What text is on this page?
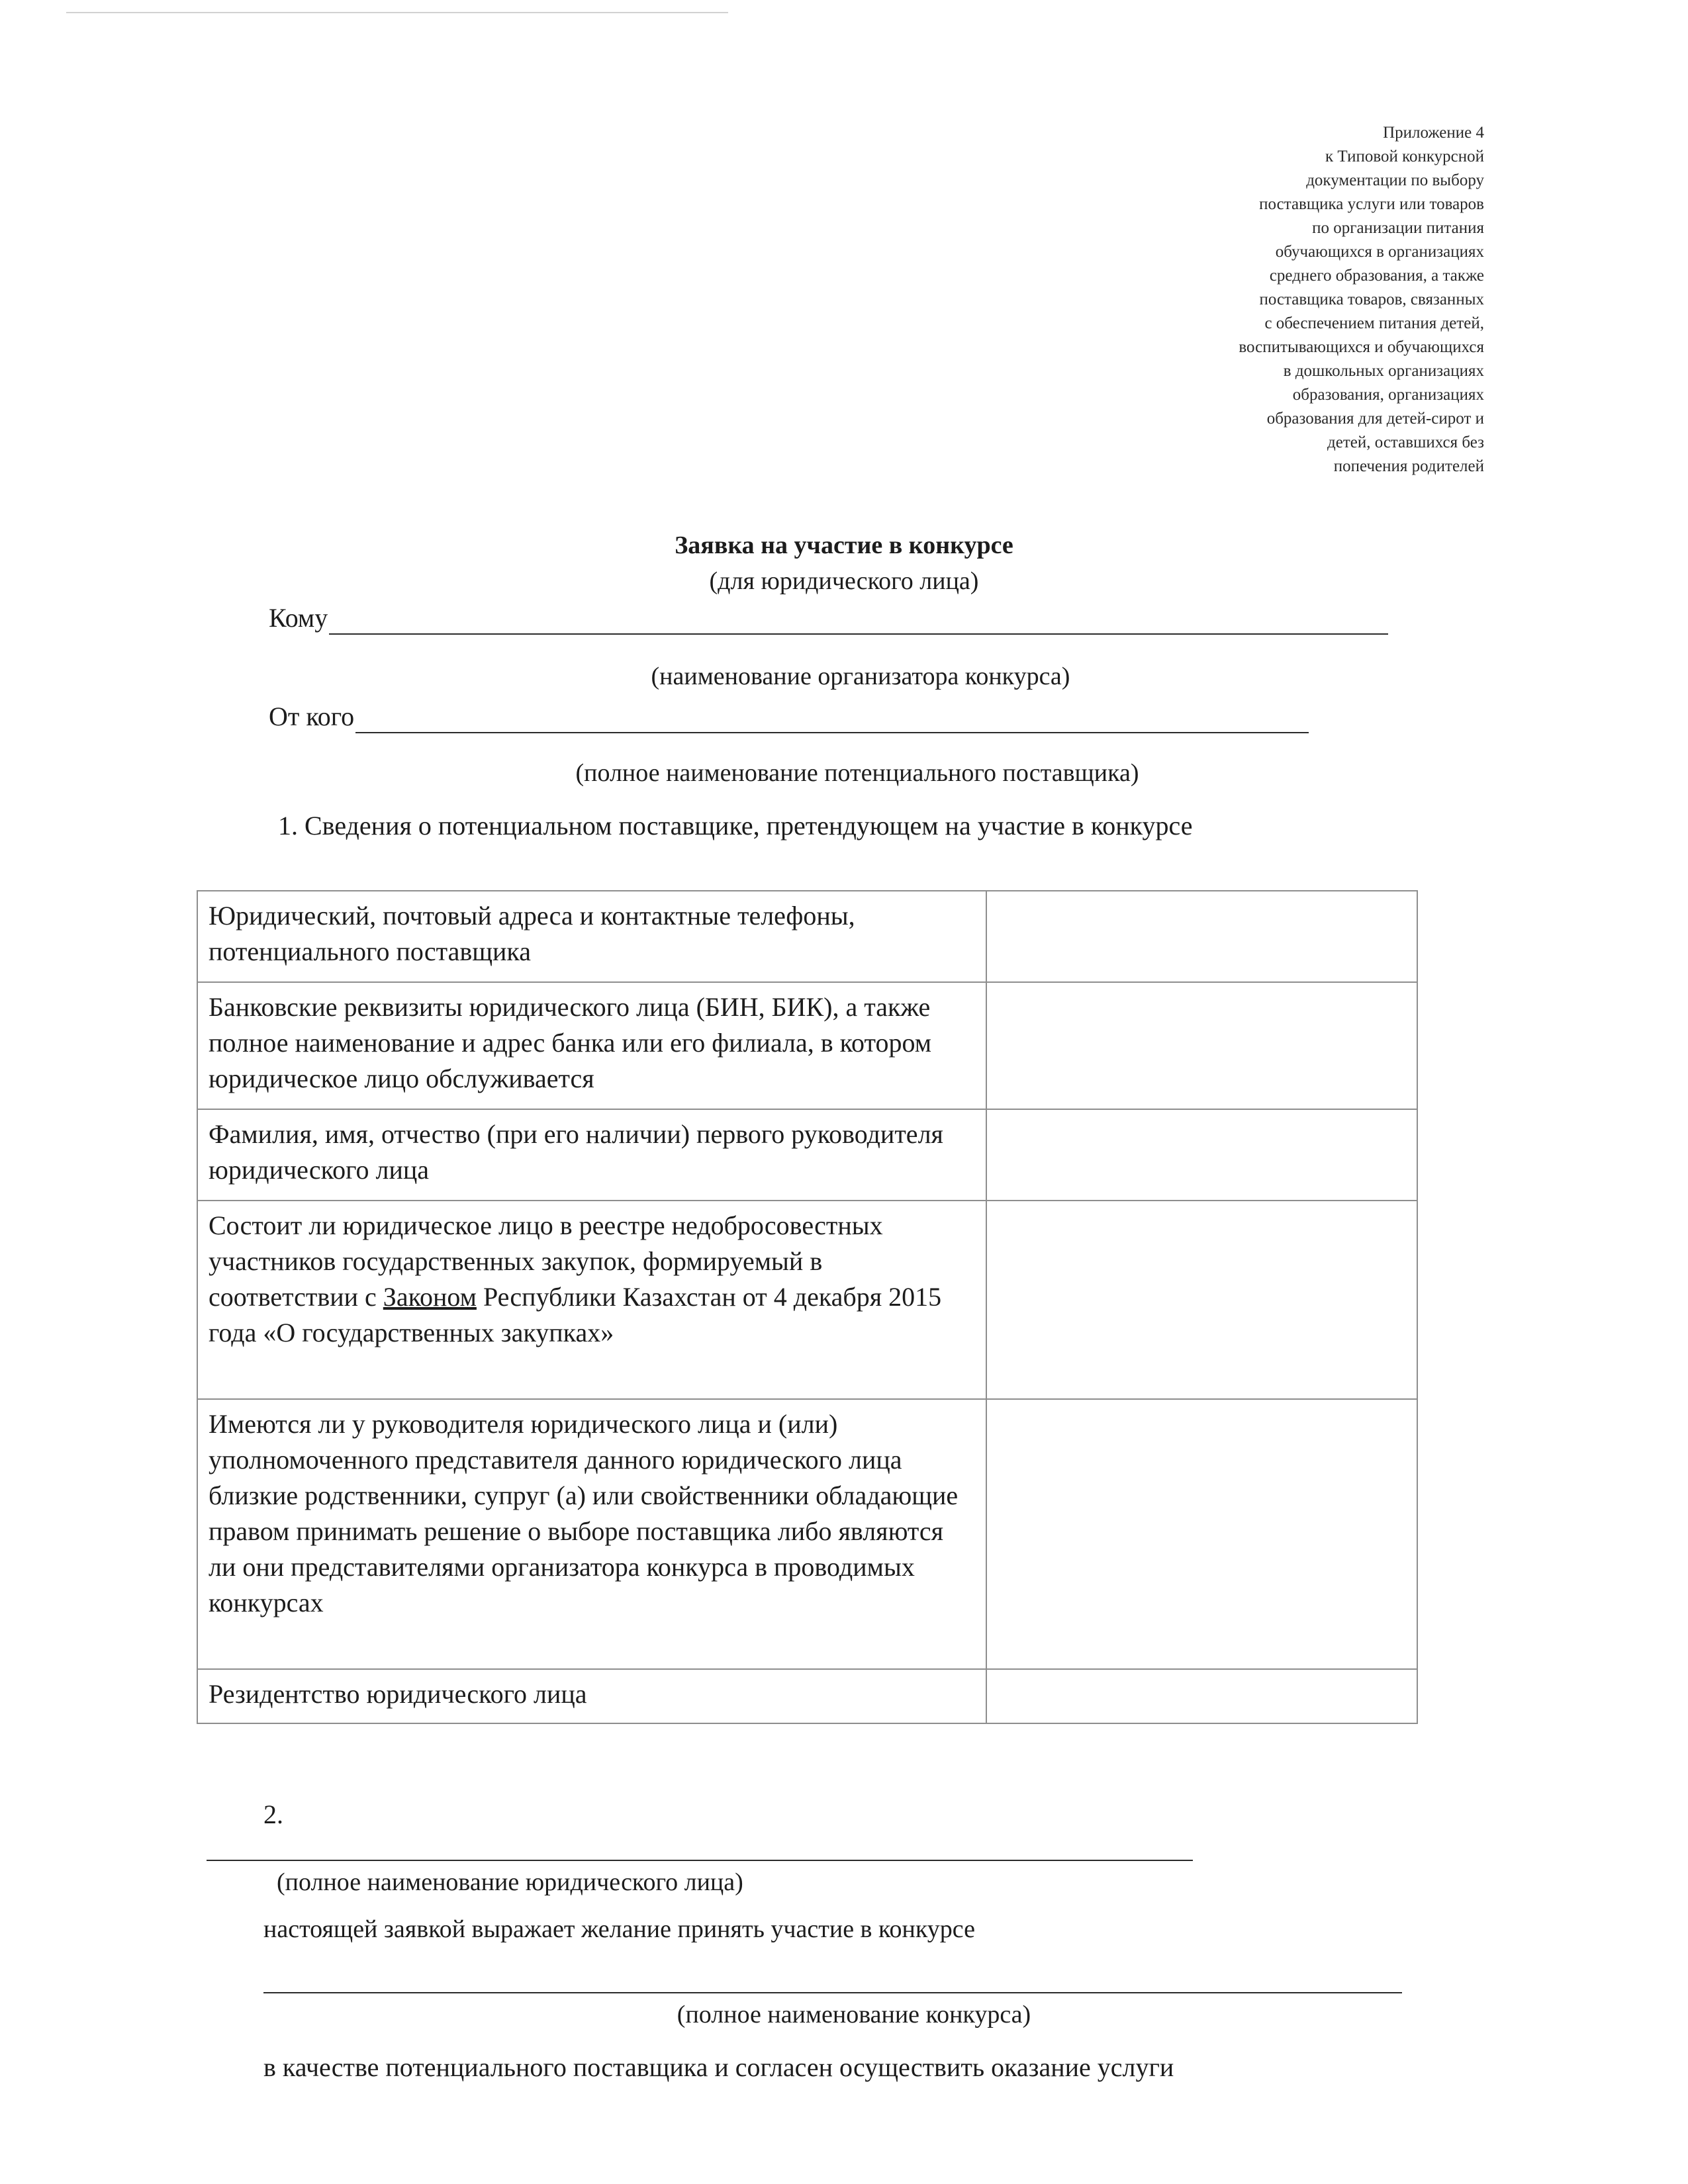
Приложение 4
к Типовой конкурсной
документации по выбору
поставщика услуги или товаров
по организации питания
обучающихся в организациях
среднего образования, а также
поставщика товаров, связанных
с обеспечением питания детей,
воспитывающихся и обучающихся
в дошкольных организациях
образования, организациях
образования для детей-сирот и
детей, оставшихся без
попечения родителей
Заявка на участие в конкурсе
(для юридического лица)
Кому
(наименование организатора конкурса)
От кого
(полное наименование потенциального поставщика)
1. Сведения о потенциальном поставщике, претендующем на участие в конкурсе
Юридический, почтовый адреса и контактные телефоны, потенциального поставщика	
Банковские реквизиты юридического лица (БИН, БИК), а также полное наименование и адрес банка или его филиала, в котором юридическое лицо обслуживается	
Фамилия, имя, отчество (при его наличии) первого руководителя юридического лица	
Состоит ли юридическое лицо в реестре недобросовестных участников государственных закупок, формируемый в соответствии с Законом Республики Казахстан от 4 декабря 2015 года «О государственных закупках»	
Имеются ли у руководителя юридического лица и (или) уполномоченного представителя данного юридического лица близкие родственники, супруг (а) или свойственники обладающие правом принимать решение о выборе поставщика либо являются ли они представителями организатора конкурса в проводимых конкурсах	
Резидентство юридического лица	
2.
(полное наименование юридического лица)
настоящей заявкой выражает желание принять участие в конкурсе
(полное наименование конкурса)
в качестве потенциального поставщика и согласен осуществить оказание услуги
